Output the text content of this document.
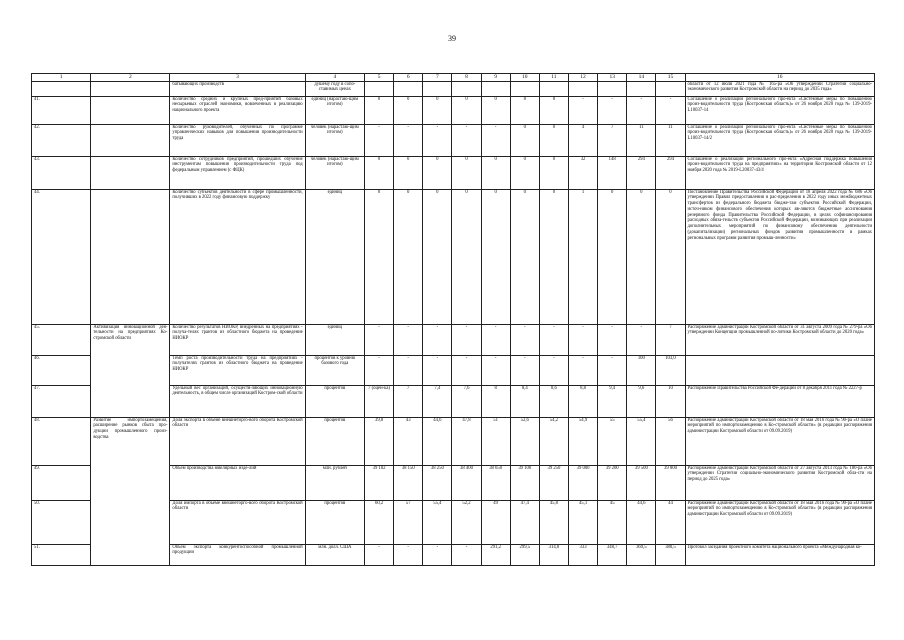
39
1	2	3	4	5	6	7	8	9	10	11	12	13	14	15	16
		батывающих производств	душему году в сопо-ставимых ценах												области от 12 июля 2021 года № 165-ра «Об утверждении Стратегии социально-экономического развития Костромской области на период до 2035 года»
41.		Количество средних и крупных пред-приятий базовых несырьевых отраслей экономики, вовлеченных в реализацию национального проекта	единиц (нарастаю-щим итогом)	0	0	0	0	0	8	8	-	-	-	-	Соглашение о реализации регионального про-екта «Системные меры по повышению произ-водительности труда (Костромская область)» от 26 ноября 2020 года № 139-2019-L10037-14
42.		Количество руководителей, обученных по программе управленческих навыков для повышения производительности труда	человек (нарастаю-щим итогом)	-	-	-	-	-	0	0	4	7	11	11	Соглашение о реализации регионального про-екта «Системные меры по повышению произ-водительности труда (Костромская область)» от 26 ноября 2020 года № 139-2019-L10037-14/2
43.		Количество сотрудников предприятий, прошедших обучение инструментам повышения производительности труда под федеральным управлением (с ФЦК)	человек (нарастаю-щим итогом)	0	0	0	0	0	0	0	32	148	294	294	Соглашение о реализации регионального про-екта «Адресная поддержка повышения произ-водительности труда на предприятиях» на территории Костромской области от 12 ноября 2020 года № 2019-L20037-43/4
44.		Количество субъектов деятельности в сфере промышленности, получивших в 2022 году финансовую поддержку	единиц	0	0	0	0	0	0	0	1	0	0	0	Постановление Правительства Российской Федерации от 18 апреля 2022 года № 686 «Об утверждении Правил предоставления и рас-пределения в 2022 году иных межбюджетных трансфертов из федерального бюджета бюдже-там субъектов Российской Федерации, источ-ником финансового обеспечения которых яв-ляются бюджетные ассигнования резервного фонда Правительства Российской Федерации, в целях софинансирования расходных обяза-тельств субъектов Российской Федерации, возникающих при реализации дополнительных мероприятий по финансовому обеспечению деятельности (докапитализации) региональных фондов развития промышленности в рамках региональных программ развития промыш-ленности»
45.	Активизация инновационной дея-тельности на предприятиях Ко-стромской области	Количество результатов НИОКР, внедренных на предприятиях - получа-телях грантов из областного бюджета на проведение НИОКР	единиц	-	-	-	-	-	-	-	-	-	-	7	Распоряжение администрации Костромской области от 31 августа 2009 года № 279-ра «Об утверждении Концепции промышленной по-литики Костромской области до 2020 года»
46.		Темп роста производительности труда на предприятиях - получателях грантов из областного бюджета на проведение НИОКР	процентов к уровню базового года	-	-	-	-	-	-	-	-	-	100	103,0	
47.		Удельный вес организаций, осуществ-ляющих инновационную деятельность, в общем числе организаций Костром-ской области	процентов	7 (оцен-ка)	7	7,4	7,6	8	8,4	8,6	8,8	9,4	9,6	10	Распоряжение Правительства Российской Фе-дерации от 8 декабря 2011 года № 2227-р
48.	Развитие импортозамещения, расширение рынков сбыта про-дукции промышленного произ-водства	Доля экспорта в объеме внешнеторго-вого оборота Костромской области	процентов	39,8	43	44,6	47,8	51	52,6	54,2	54,9	55	55,4	56	Распоряжение администрации Костромской области от 18 мая 2016 года № 90-ра «О плане мероприятий по импортозамещению в Ко-стромской области» (в редакции распоряжения администрации Костромской области от 09.09.2019)
49.		Объем производства ювелирных изде-лий	млн. рублей	39 102	38 150	38 250	38 400	38 650	39 100	39 250	39 000	39 200	39 500	39 800	Распоряжение администрации Костромской области от 27 августа 2013 года № 180-ра «Об утверждении Стратегии социально-экономического развития Костромской обла-сти на период до 2025 года»
50.		Доля импорта в объеме внешнеторго-вого оборота Костромской области	процентов	60,2	57	55,4	52,2	49	47,4	45,8	45,1	45	44,6	44	Распоряжение администрации Костромской области от 18 мая 2016 года № 90-ра «О плане мероприятий по импортозамещению в Ко-стромской области» (в редакции распоряжения администрации Костромской области от 09.09.2019)
51.		Объем экспорта конкурентоспособной промышленной продукции	млн. долл. США	-	-	-	-	291,2	299,5	314,8	333	348,7	369,5	380,5	Протокол заседания проектного комитета национального проекта «Международная ко-
